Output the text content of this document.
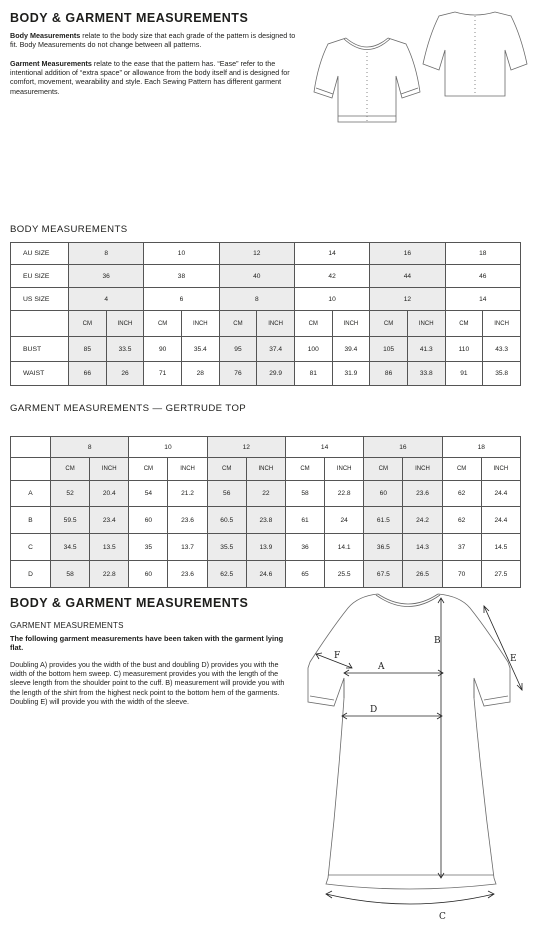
BODY & GARMENT MEASUREMENTS

Body Measurements relate to the body size that each grade of the pattern is designed to fit. Body Measurements do not change between all patterns.

Garment Measurements relate to the ease that the pattern has. “Ease” refer to the intentional addition of “extra space” or allowance from the body itself and is designed for comfort, movement, wearability and style. Each Sewing Pattern has different garment measurements.

BODY MEASUREMENTS
AU SIZE	8		10		12		14		16		18	
EU SIZE	36		38		40		42		44		46	
US SIZE	4		6		8		10		12		14	
	CM	INCH	CM	INCH	CM	INCH	CM	INCH	CM	INCH	CM	INCH
BUST	85	33.5	90	35.4	95	37.4	100	39.4	105	41.3	110	43.3
WAIST	66	26	71	28	76	29.9	81	31.9	86	33.8	91	35.8
GARMENT MEASUREMENTS — GERTRUDE TOP
	8		10		12		14		16		18	
	CM	INCH	CM	INCH	CM	INCH	CM	INCH	CM	INCH	CM	INCH
A	52	20.4	54	21.2	56	22	58	22.8	60	23.6	62	24.4
B	59.5	23.4	60	23.6	60.5	23.8	61	24	61.5	24.2	62	24.4
C	34.5	13.5	35	13.7	35.5	13.9	36	14.1	36.5	14.3	37	14.5
D	58	22.8	60	23.6	62.5	24.6	65	25.5	67.5	26.5	70	27.5
BODY & GARMENT MEASUREMENTS
GARMENT MEASUREMENTS

The following garment measurements have been taken with the garment lying flat.

Doubling A) provides you the width of the bust and doubling D) provides you with the width of the bottom hem sweep. C) measurement provides you with the length of the sleeve length from the shoulder point to the cuff. B) measurement will provide you with the length of the shirt from the highest neck point to the bottom hem of the garments. Doubling E) will provide you with the width of the sleeve.

A
B
C
D
E
F
